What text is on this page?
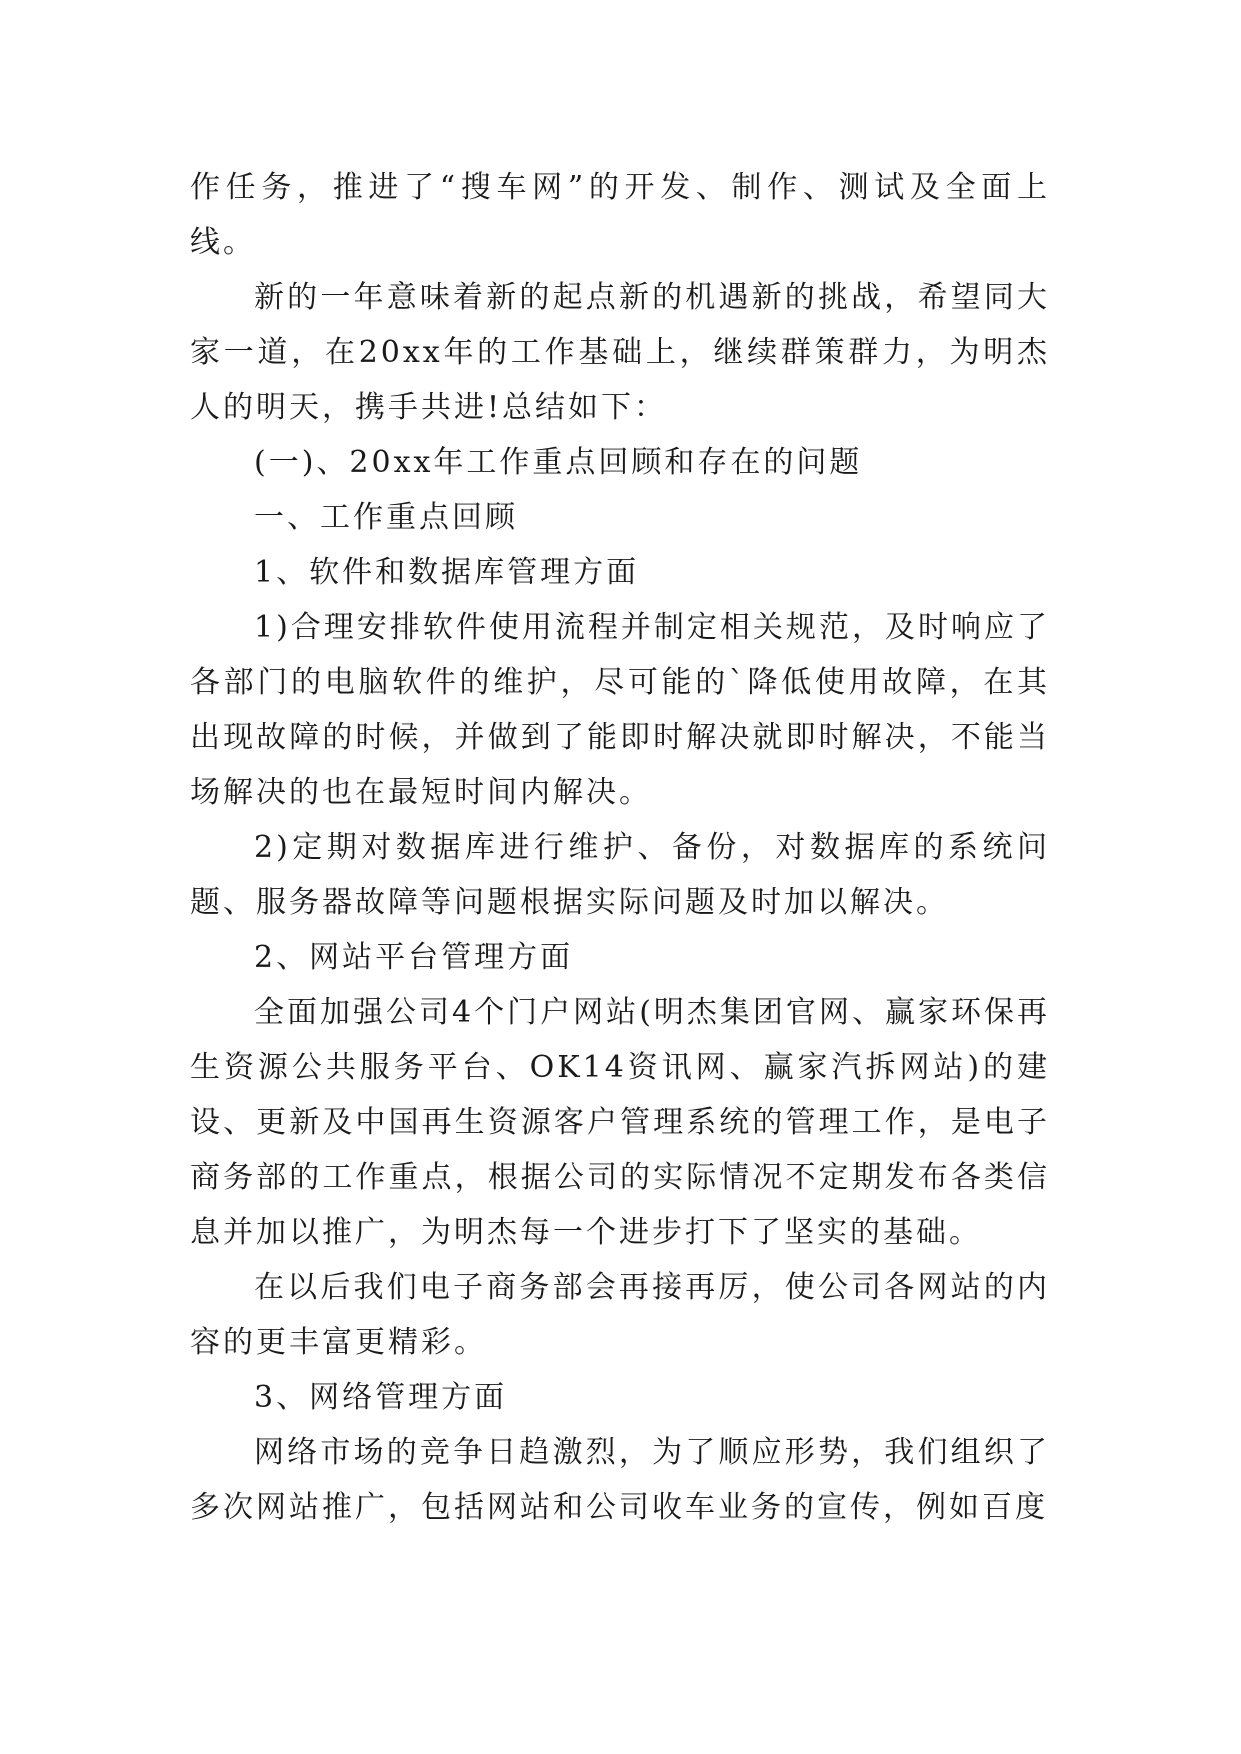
作任务，推进了“搜车网”的开发、制作、测试及全面上线。

新的一年意味着新的起点新的机遇新的挑战，希望同大家一道，在20xx年的工作基础上，继续群策群力，为明杰人的明天，携手共进!总结如下：

(一)、20xx年工作重点回顾和存在的问题

一、工作重点回顾

1、软件和数据库管理方面

1)合理安排软件使用流程并制定相关规范，及时响应了各部门的电脑软件的维护，尽可能的`降低使用故障，在其出现故障的时候，并做到了能即时解决就即时解决，不能当场解决的也在最短时间内解决。

2)定期对数据库进行维护、备份，对数据库的系统问题、服务器故障等问题根据实际问题及时加以解决。

2、网站平台管理方面

全面加强公司4个门户网站(明杰集团官网、赢家环保再生资源公共服务平台、OK14资讯网、赢家汽拆网站)的建设、更新及中国再生资源客户管理系统的管理工作，是电子商务部的工作重点，根据公司的实际情况不定期发布各类信息并加以推广，为明杰每一个进步打下了坚实的基础。

在以后我们电子商务部会再接再厉，使公司各网站的内容的更丰富更精彩。

3、网络管理方面

网络市场的竞争日趋激烈，为了顺应形势，我们组织了多次网站推广，包括网站和公司收车业务的宣传，例如百度
